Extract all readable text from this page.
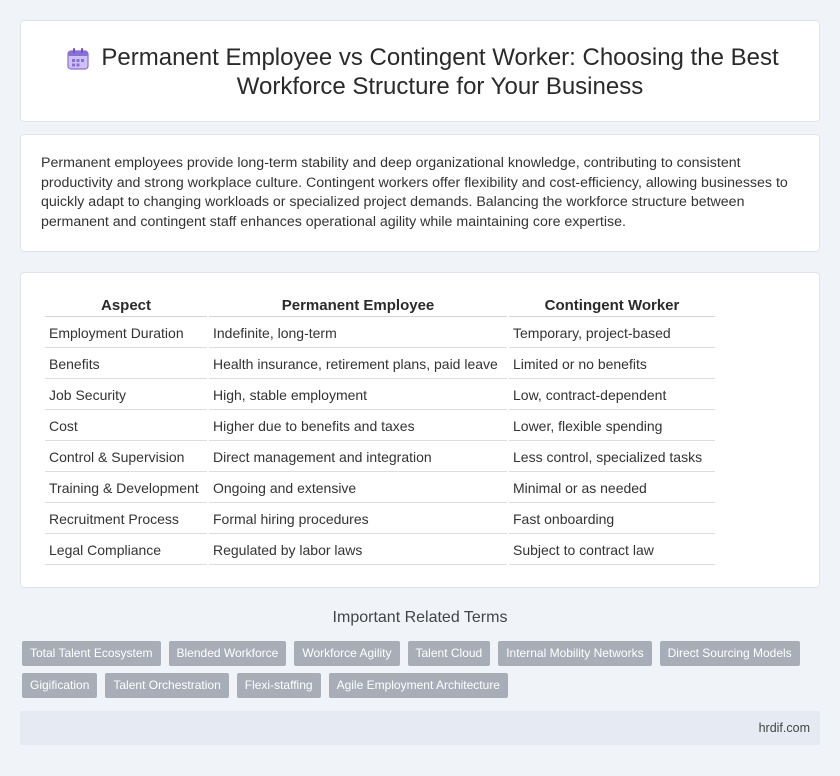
Permanent Employee vs Contingent Worker: Choosing the Best Workforce Structure for Your Business

Permanent employees provide long-term stability and deep organizational knowledge, contributing to consistent productivity and strong workplace culture. Contingent workers offer flexibility and cost-efficiency, allowing businesses to quickly adapt to changing workloads or specialized project demands. Balancing the workforce structure between permanent and contingent staff enhances operational agility while maintaining core expertise.

Aspect	Permanent Employee	Contingent Worker
Employment Duration	Indefinite, long-term	Temporary, project-based
Benefits	Health insurance, retirement plans, paid leave	Limited or no benefits
Job Security	High, stable employment	Low, contract-dependent
Cost	Higher due to benefits and taxes	Lower, flexible spending
Control & Supervision	Direct management and integration	Less control, specialized tasks
Training & Development	Ongoing and extensive	Minimal or as needed
Recruitment Process	Formal hiring procedures	Fast onboarding
Legal Compliance	Regulated by labor laws	Subject to contract law
Important Related Terms
Total Talent Ecosystem	Blended Workforce	Workforce Agility	Talent Cloud	Internal Mobility Networks	Direct Sourcing Models
Gigification	Talent Orchestration	Flexi-staffing	Agile Employment Architecture
hrdif.com
